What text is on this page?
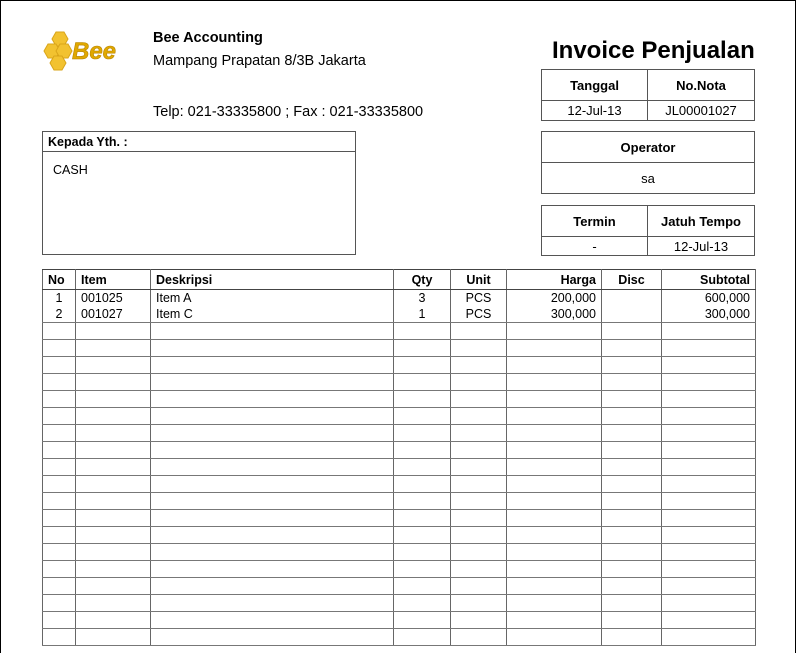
Bee	Bee Accounting
Mampang Prapatan 8/3B Jakarta
Telp: 021-33335800 ; Fax : 021-33335800
Invoice Penjualan
Tanggal	No.Nota
12-Jul-13	JL00001027
Operator
sa
Termin	Jatuh Tempo
-	12-Jul-13
Kepada Yth. :
CASH
No	Item	Deskripsi	Qty	Unit	Harga	Disc	Subtotal
1	001025	Item A	3	PCS	200,000		600,000
2	001027	Item C	1	PCS	300,000		300,000
